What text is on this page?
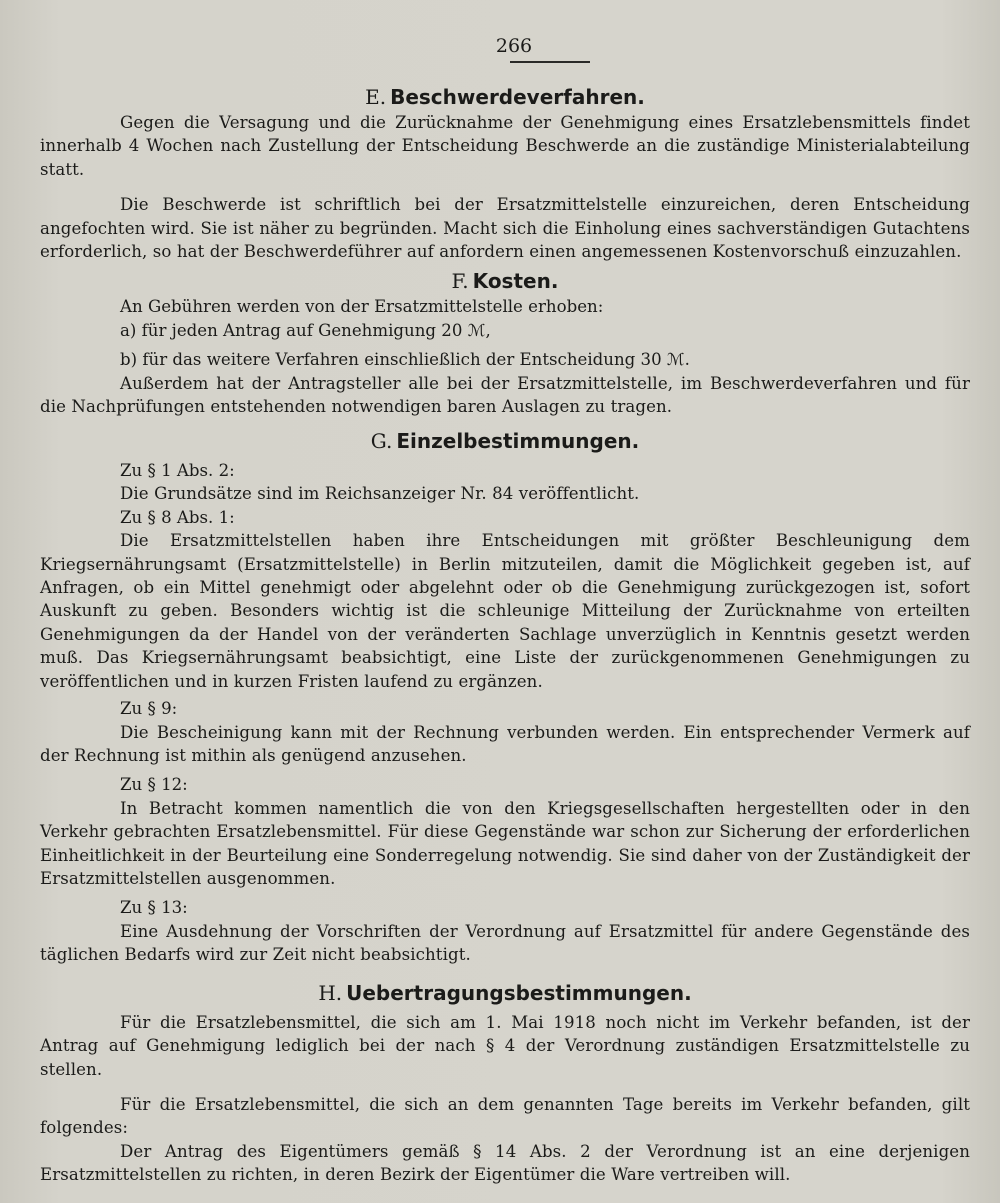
266
E. Beschwerdeverfahren.

Gegen die Versagung und die Zurücknahme der Genehmigung eines Ersatzlebensmittels findet innerhalb 4 Wochen nach Zustellung der Entscheidung Beschwerde an die zuständige Ministerialabteilung statt.

Die Beschwerde ist schriftlich bei der Ersatzmittelstelle einzureichen, deren Entscheidung angefochten wird. Sie ist näher zu begründen. Macht sich die Einholung eines sachverständigen Gutachtens erforderlich, so hat der Beschwerdeführer auf anfordern einen angemessenen Kostenvorschuß einzuzahlen.

F. Kosten.

An Gebühren werden von der Ersatzmittelstelle erhoben:

a) für jeden Antrag auf Genehmigung 20 ℳ,

b) für das weitere Verfahren einschließlich der Entscheidung 30 ℳ.

Außerdem hat der Antragsteller alle bei der Ersatzmittelstelle, im Beschwerdeverfahren und für die Nachprüfungen entstehenden notwendigen baren Auslagen zu tragen.

G. Einzelbestimmungen.

Zu § 1 Abs. 2:

Die Grundsätze sind im Reichsanzeiger Nr. 84 veröffentlicht.

Zu § 8 Abs. 1:

Die Ersatzmittelstellen haben ihre Entscheidungen mit größter Beschleunigung dem Kriegsernährungsamt (Ersatzmittelstelle) in Berlin mitzuteilen, damit die Möglichkeit gegeben ist, auf Anfragen, ob ein Mittel genehmigt oder abgelehnt oder ob die Genehmigung zurückgezogen ist, sofort Auskunft zu geben. Besonders wichtig ist die schleunige Mitteilung der Zurücknahme von erteilten Genehmigungen da der Handel von der veränderten Sachlage unverzüglich in Kenntnis gesetzt werden muß. Das Kriegsernährungsamt beabsichtigt, eine Liste der zurückgenommenen Genehmigungen zu veröffentlichen und in kurzen Fristen laufend zu ergänzen.

Zu § 9:

Die Bescheinigung kann mit der Rechnung verbunden werden. Ein entsprechender Vermerk auf der Rechnung ist mithin als genügend anzusehen.

Zu § 12:

In Betracht kommen namentlich die von den Kriegsgesellschaften hergestellten oder in den Verkehr gebrachten Ersatzlebensmittel. Für diese Gegenstände war schon zur Sicherung der erforderlichen Einheitlichkeit in der Beurteilung eine Sonderregelung notwendig. Sie sind daher von der Zuständigkeit der Ersatzmittelstellen ausgenommen.

Zu § 13:

Eine Ausdehnung der Vorschriften der Verordnung auf Ersatzmittel für andere Gegenstände des täglichen Bedarfs wird zur Zeit nicht beabsichtigt.

H. Uebertragungsbestimmungen.

Für die Ersatzlebensmittel, die sich am 1. Mai 1918 noch nicht im Verkehr befanden, ist der Antrag auf Genehmigung lediglich bei der nach § 4 der Verordnung zuständigen Ersatzmittelstelle zu stellen.

Für die Ersatzlebensmittel, die sich an dem genannten Tage bereits im Verkehr befanden, gilt folgendes:

Der Antrag des Eigentümers gemäß § 14 Abs. 2 der Verordnung ist an eine derjenigen Ersatzmittelstellen zu richten, in deren Bezirk der Eigentümer die Ware vertreiben will.
